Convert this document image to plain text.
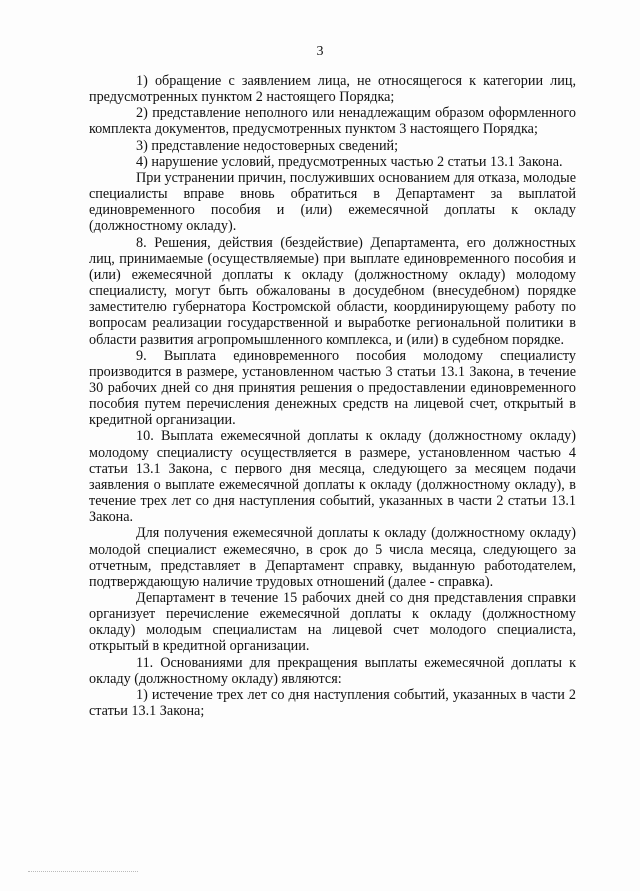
3

1) обращение с заявлением лица, не относящегося к категории лиц, предусмотренных пунктом 2 настоящего Порядка;

2) представление неполного или ненадлежащим образом оформленного комплекта документов, предусмотренных пунктом 3 настоящего Порядка;

3) представление недостоверных сведений;

4) нарушение условий, предусмотренных частью 2 статьи 13.1 Закона.

При устранении причин, послуживших основанием для отказа, молодые специалисты вправе вновь обратиться в Департамент за выплатой единовременного пособия и (или) ежемесячной доплаты к окладу (должностному окладу).

8. Решения, действия (бездействие) Департамента, его должностных лиц, принимаемые (осуществляемые) при выплате единовременного пособия и (или) ежемесячной доплаты к окладу (должностному окладу) молодому специалисту, могут быть обжалованы в досудебном (внесудебном) порядке заместителю губернатора Костромской области, координирующему работу по вопросам реализации государственной и выработке региональной политики в области развития агропромышленного комплекса, и (или) в судебном порядке.

9. Выплата единовременного пособия молодому специалисту производится в размере, установленном частью 3 статьи 13.1 Закона, в течение 30 рабочих дней со дня принятия решения о предоставлении единовременного пособия путем перечисления денежных средств на лицевой счет, открытый в кредитной организации.

10. Выплата ежемесячной доплаты к окладу (должностному окладу) молодому специалисту осуществляется в размере, установленном частью 4 статьи 13.1 Закона, с первого дня месяца, следующего за месяцем подачи заявления о выплате ежемесячной доплаты к окладу (должностному окладу), в течение трех лет со дня наступления событий, указанных в части 2 статьи 13.1 Закона.

Для получения ежемесячной доплаты к окладу (должностному окладу) молодой специалист ежемесячно, в срок до 5 числа месяца, следующего за отчетным, представляет в Департамент справку, выданную работодателем, подтверждающую наличие трудовых отношений (далее - справка).

Департамент в течение 15 рабочих дней со дня представления справки организует перечисление ежемесячной доплаты к окладу (должностному окладу) молодым специалистам на лицевой счет молодого специалиста, открытый в кредитной организации.

11. Основаниями для прекращения выплаты ежемесячной доплаты к окладу (должностному окладу) являются:

1) истечение трех лет со дня наступления событий, указанных в части 2 статьи 13.1 Закона;
